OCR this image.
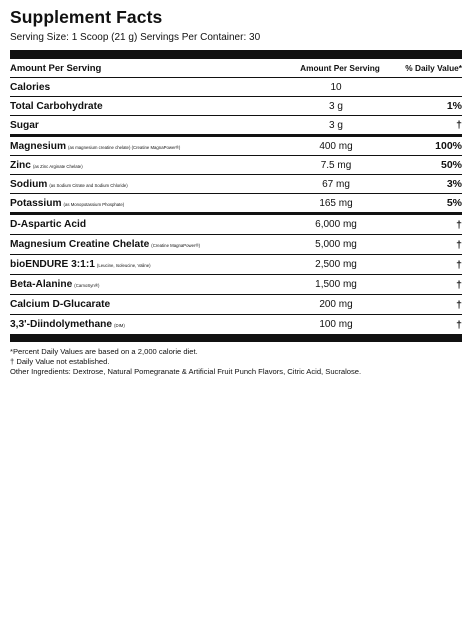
Supplement Facts
Serving Size: 1 Scoop (21 g) Servings Per Container: 30
Amount Per Serving	Amount Per Serving	% Daily Value*
Calories	10
Total Carbohydrate	3 g	1%
Sugar	3 g	†
Magnesium (as magnesium creatine chelate) (Creatine MagnaPower®)	400 mg	100%
Zinc (as Zinc Arginate Chelate)	7.5 mg	50%
Sodium (as Sodium Citrate and Sodium Chloride)	67 mg	3%
Potassium (as Monopotassium Phosphate)	165 mg	5%
D-Aspartic Acid	6,000 mg	†
Magnesium Creatine Chelate (Creatine MagnaPower®)	5,000 mg	†
bioENDURE 3:1:1 (Leucine, Isoleucine, Valine)	2,500 mg	†
Beta-Alanine (CarnoSyn®)	1,500 mg	†
Calcium D-Glucarate	200 mg	†
3,3'-Diindolymethane (DIM)	100 mg	†
*Percent Daily Values are based on a 2,000 calorie diet.
† Daily Value not established.
Other Ingredients: Dextrose, Natural Pomegranate & Artificial Fruit Punch Flavors, Citric Acid, Sucralose.
